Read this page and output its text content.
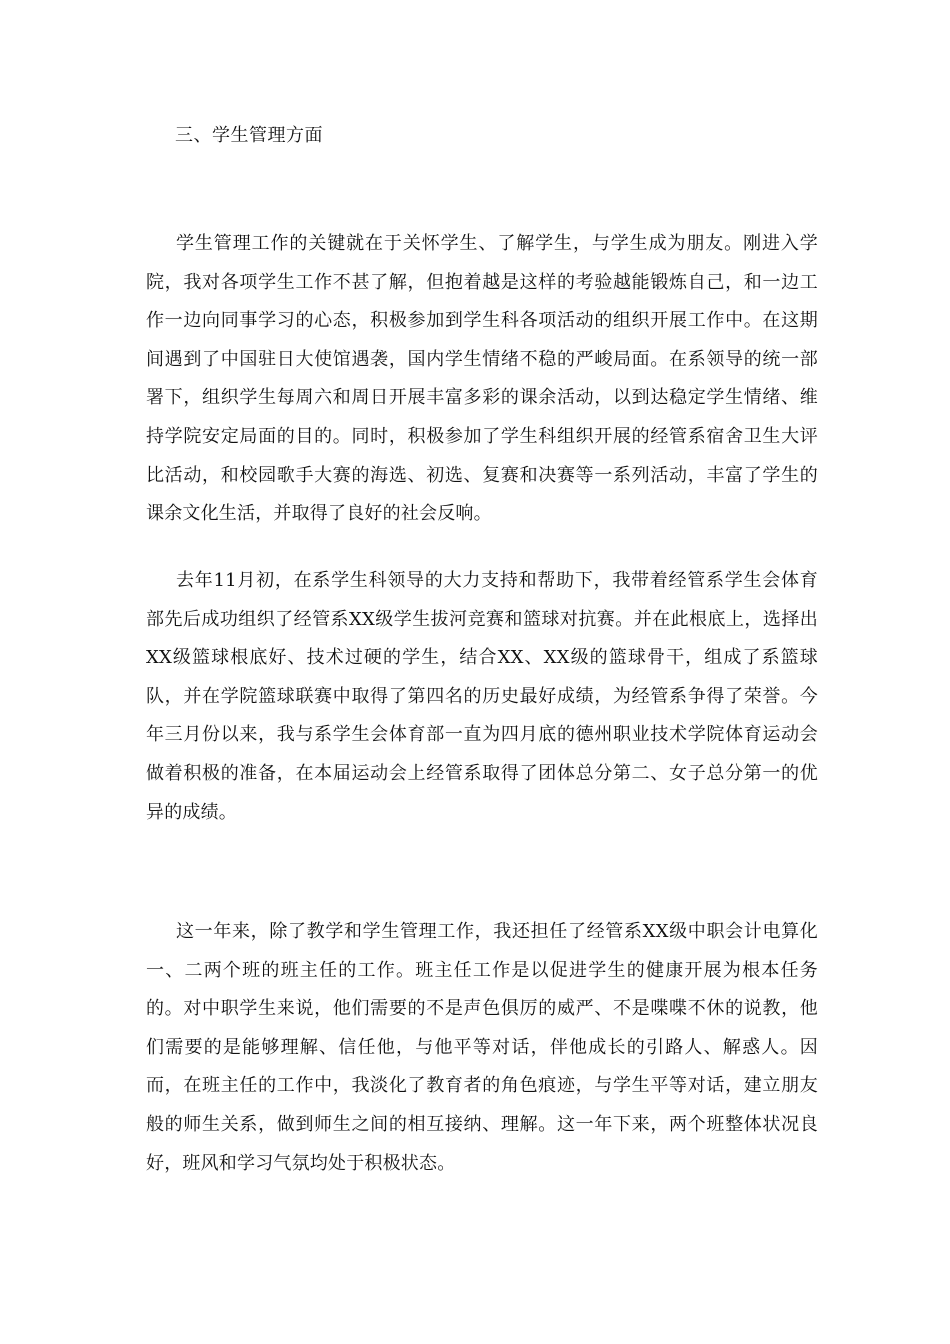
三、学生管理方面

学生管理工作的关键就在于关怀学生、了解学生，与学生成为朋友。刚进入学院，我对各项学生工作不甚了解，但抱着越是这样的考验越能锻炼自己，和一边工作一边向同事学习的心态，积极参加到学生科各项活动的组织开展工作中。在这期间遇到了中国驻日大使馆遇袭，国内学生情绪不稳的严峻局面。在系领导的统一部署下，组织学生每周六和周日开展丰富多彩的课余活动，以到达稳定学生情绪、维持学院安定局面的目的。同时，积极参加了学生科组织开展的经管系宿舍卫生大评比活动，和校园歌手大赛的海选、初选、复赛和决赛等一系列活动，丰富了学生的课余文化生活，并取得了良好的社会反响。

去年11月初，在系学生科领导的大力支持和帮助下，我带着经管系学生会体育部先后成功组织了经管系XX级学生拔河竞赛和篮球对抗赛。并在此根底上，选择出XX级篮球根底好、技术过硬的学生，结合XX、XX级的篮球骨干，组成了系篮球队，并在学院篮球联赛中取得了第四名的历史最好成绩，为经管系争得了荣誉。今年三月份以来，我与系学生会体育部一直为四月底的德州职业技术学院体育运动会做着积极的准备，在本届运动会上经管系取得了团体总分第二、女子总分第一的优异的成绩。

这一年来，除了教学和学生管理工作，我还担任了经管系XX级中职会计电算化一、二两个班的班主任的工作。班主任工作是以促进学生的健康开展为根本任务的。对中职学生来说，他们需要的不是声色俱厉的威严、不是喋喋不休的说教，他们需要的是能够理解、信任他，与他平等对话，伴他成长的引路人、解惑人。因而，在班主任的工作中，我淡化了教育者的角色痕迹，与学生平等对话，建立朋友般的师生关系，做到师生之间的相互接纳、理解。这一年下来，两个班整体状况良好，班风和学习气氛均处于积极状态。
